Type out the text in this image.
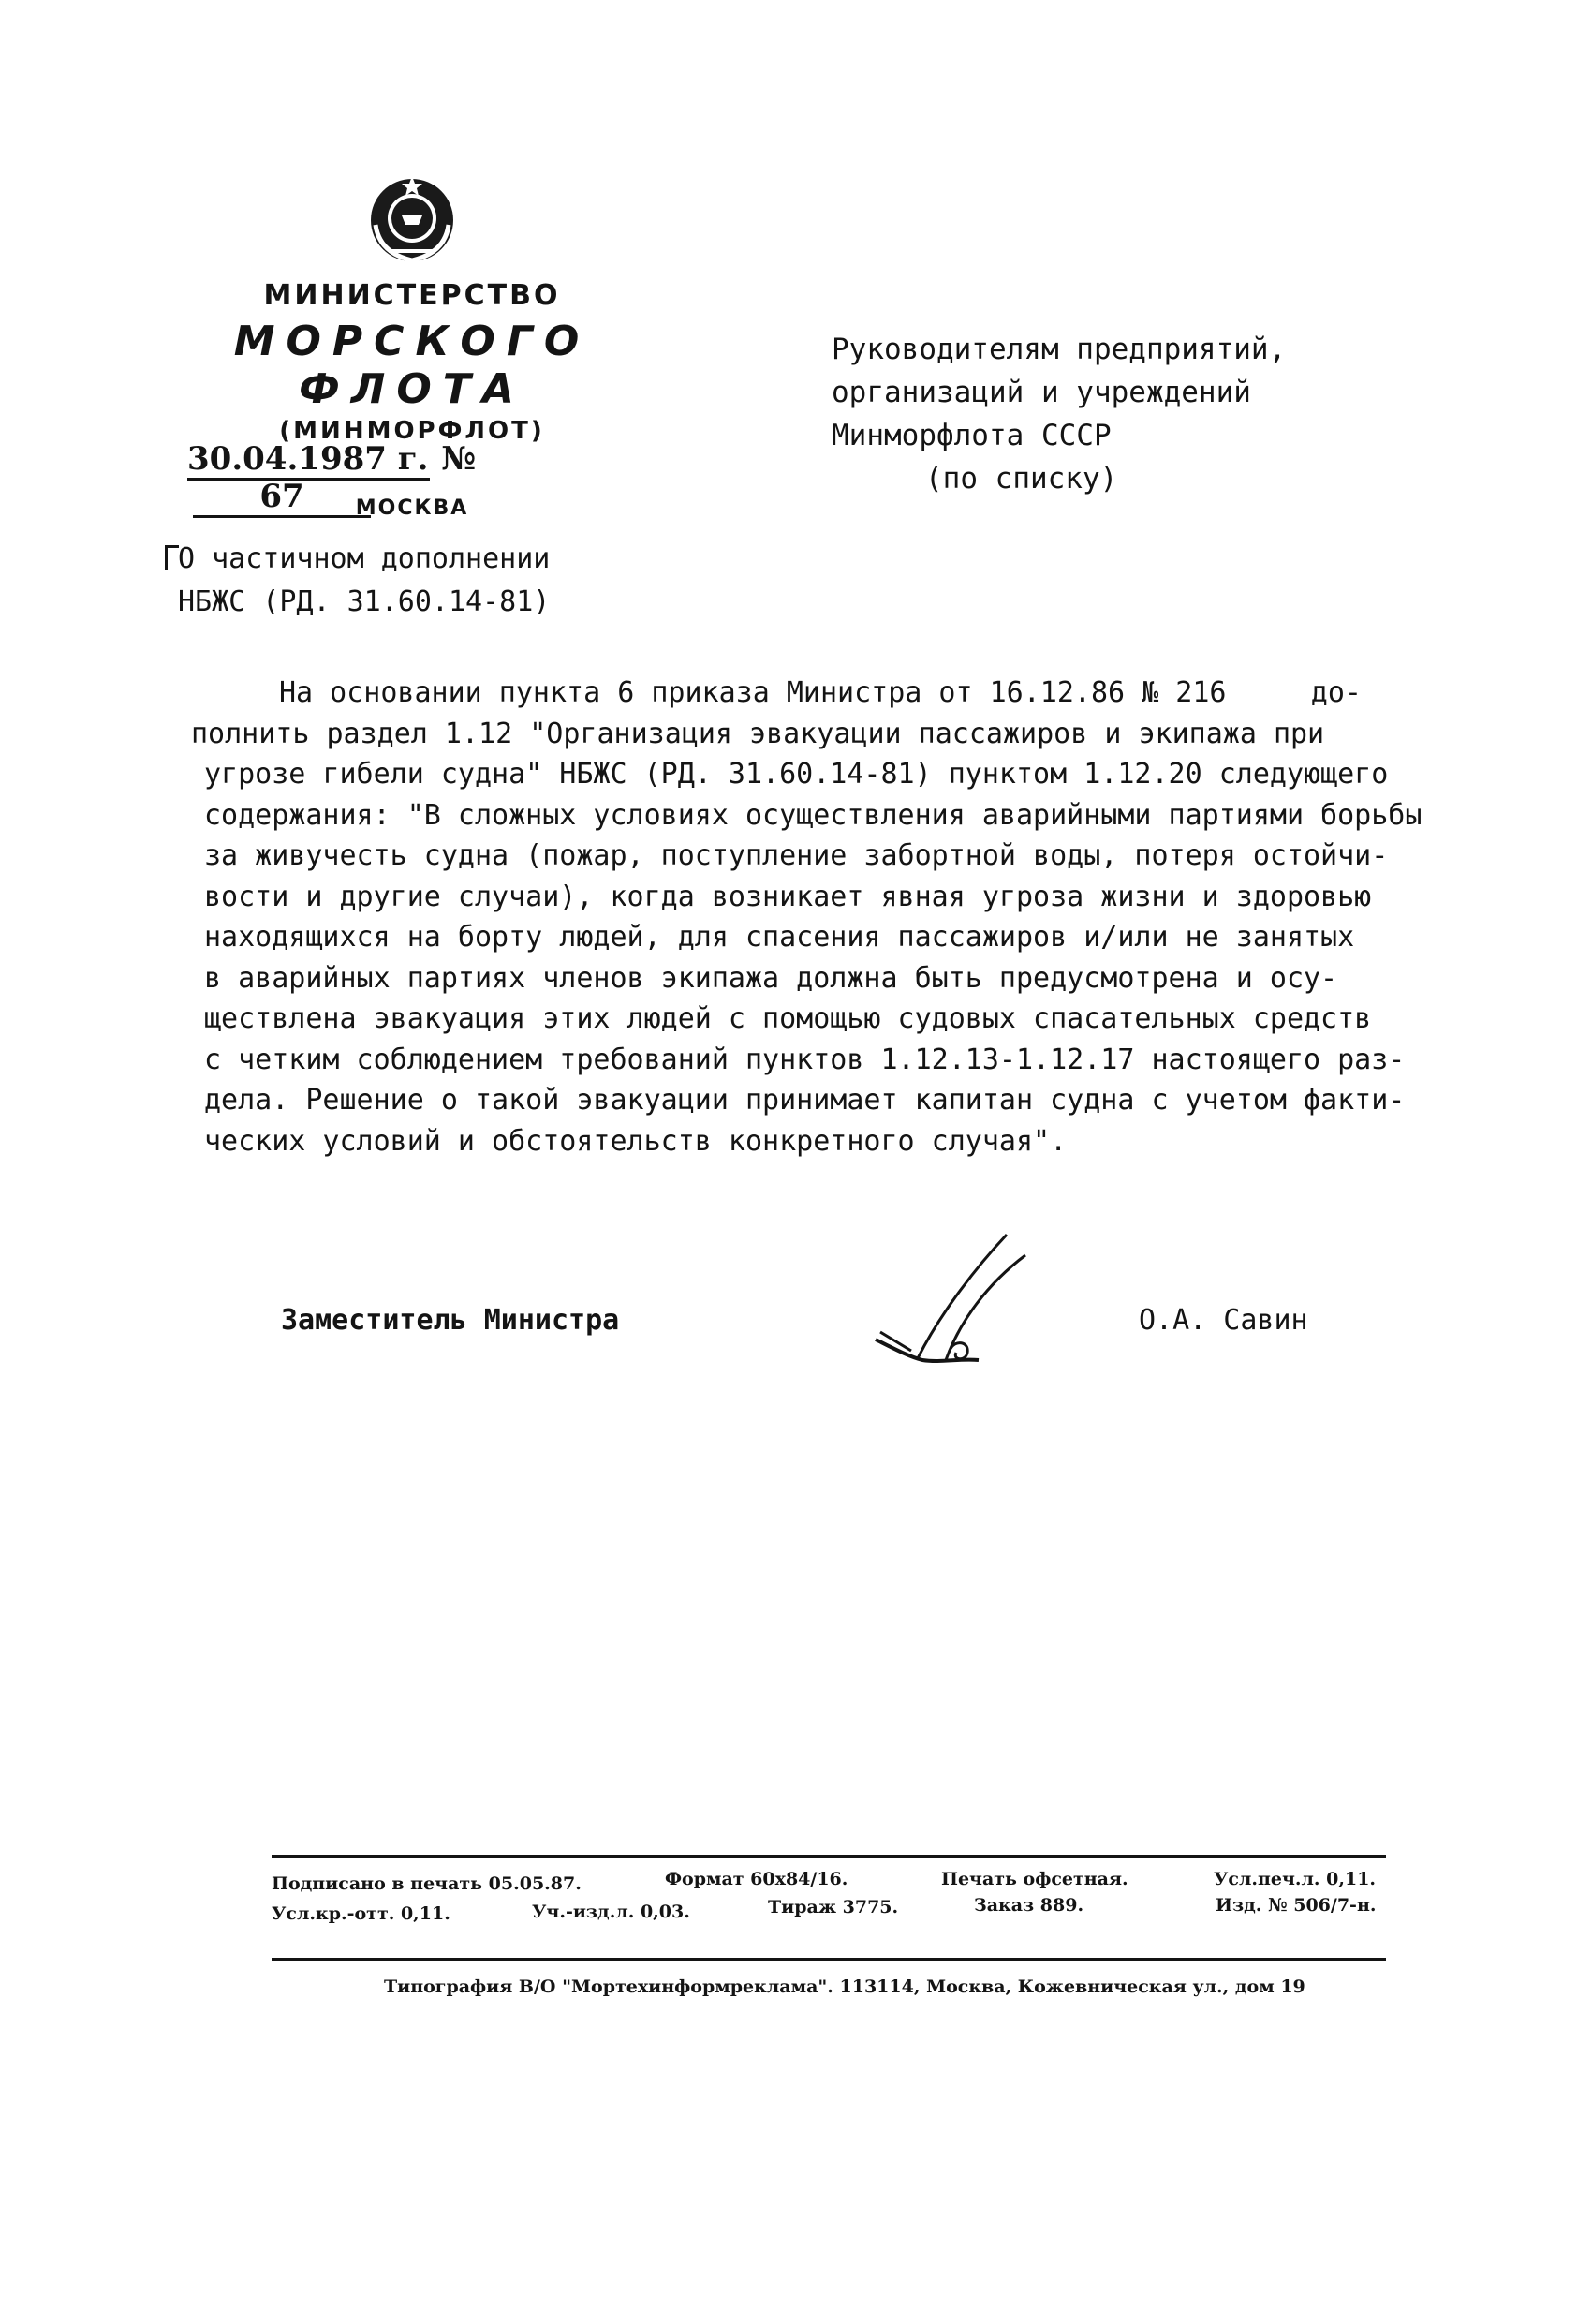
МИНИСТЕРСТВО
МОРСКОГО ФЛОТА
(МИНМОРФЛОТ)
30.04.1987 г. № 67	МОСКВА
О частичном дополнении
НБЖС (РД. 31.60.14-81)
Руководителям предприятий,
организаций и учреждений
Минморфлота СССР
(по списку)
На основании пункта 6 приказа Министра от 16.12.86 № 216     до-
полнить раздел 1.12 "Организация эвакуации пассажиров и экипажа при
угрозе гибели судна" НБЖС (РД. 31.60.14-81) пунктом 1.12.20 следующего
содержания: "В сложных условиях осуществления аварийными партиями борьбы
за живучесть судна (пожар, поступление забортной воды, потеря остойчи-
вости и другие случаи), когда возникает явная угроза жизни и здоровью
находящихся на борту людей, для спасения пассажиров и/или не занятых
в аварийных партиях членов экипажа должна быть предусмотрена и осу-
ществлена эвакуация этих людей с помощью судовых спасательных средств
с четким соблюдением требований пунктов 1.12.13-1.12.17 настоящего раз-
дела. Решение о такой эвакуации принимает капитан судна с учетом факти-
ческих условий и обстоятельств конкретного случая".
Заместитель Министра	О.А. Савин
Подписано в печать 05.05.87.	Формат 60х84/16.	Печать офсетная.	Усл.печ.л. 0,11.
Усл.кр.-отт. 0,11.	Уч.-изд.л. 0,03.	Тираж 3775.	Заказ 889.	Изд. № 506/7-н.
Типография В/О "Мортехинформреклама". 113114, Москва, Кожевническая ул., дом 19
